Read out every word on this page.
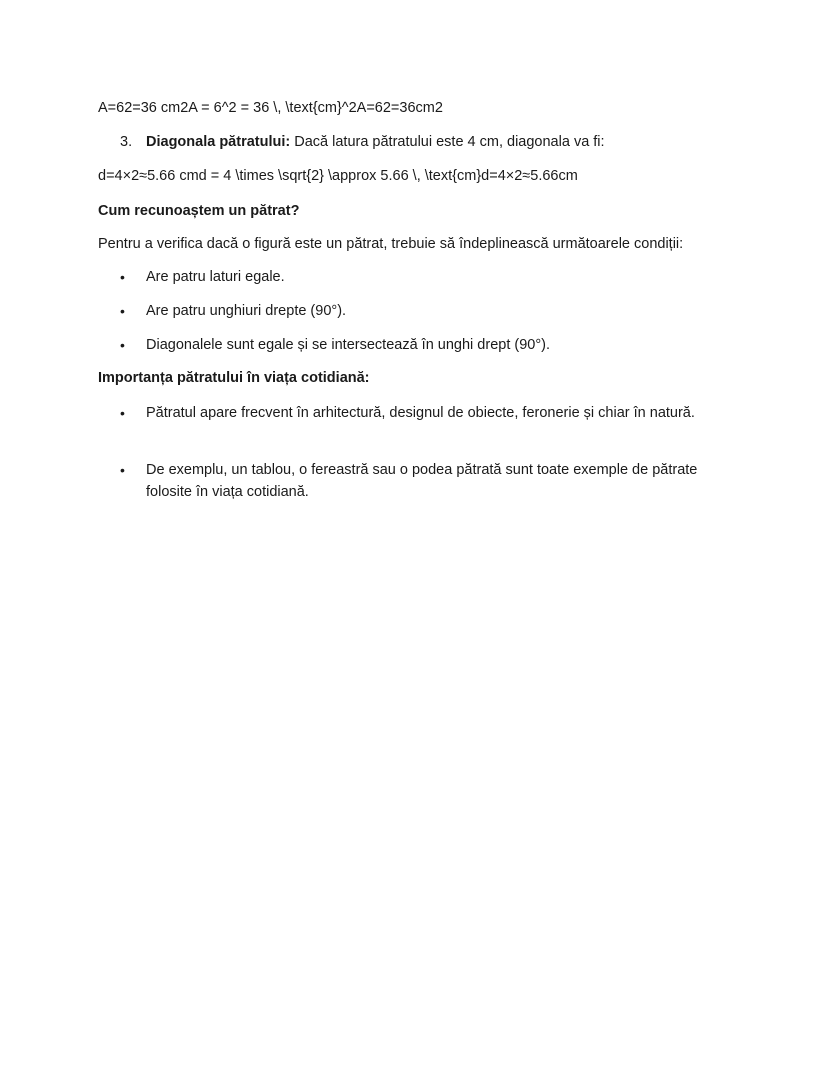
A=62=36 cm2A = 6^2 = 36 \, \text{cm}^2A=62=36cm2
3. Diagonala pătratului: Dacă latura pătratului este 4 cm, diagonala va fi:
d=4×2≈5.66 cmd = 4 \times \sqrt{2} \approx 5.66 \, \text{cm}d=4×2≈5.66cm
Cum recunoaștem un pătrat?
Pentru a verifica dacă o figură este un pătrat, trebuie să îndeplinească următoarele condiții:
•	Are patru laturi egale.
•	Are patru unghiuri drepte (90°).
•	Diagonalele sunt egale și se intersectează în unghi drept (90°).
Importanța pătratului în viața cotidiană:
•	Pătratul apare frecvent în arhitectură, designul de obiecte, feronerie și chiar în natură.
•	De exemplu, un tablou, o fereastră sau o podea pătrată sunt toate exemple de pătrate folosite în viața cotidiană.
